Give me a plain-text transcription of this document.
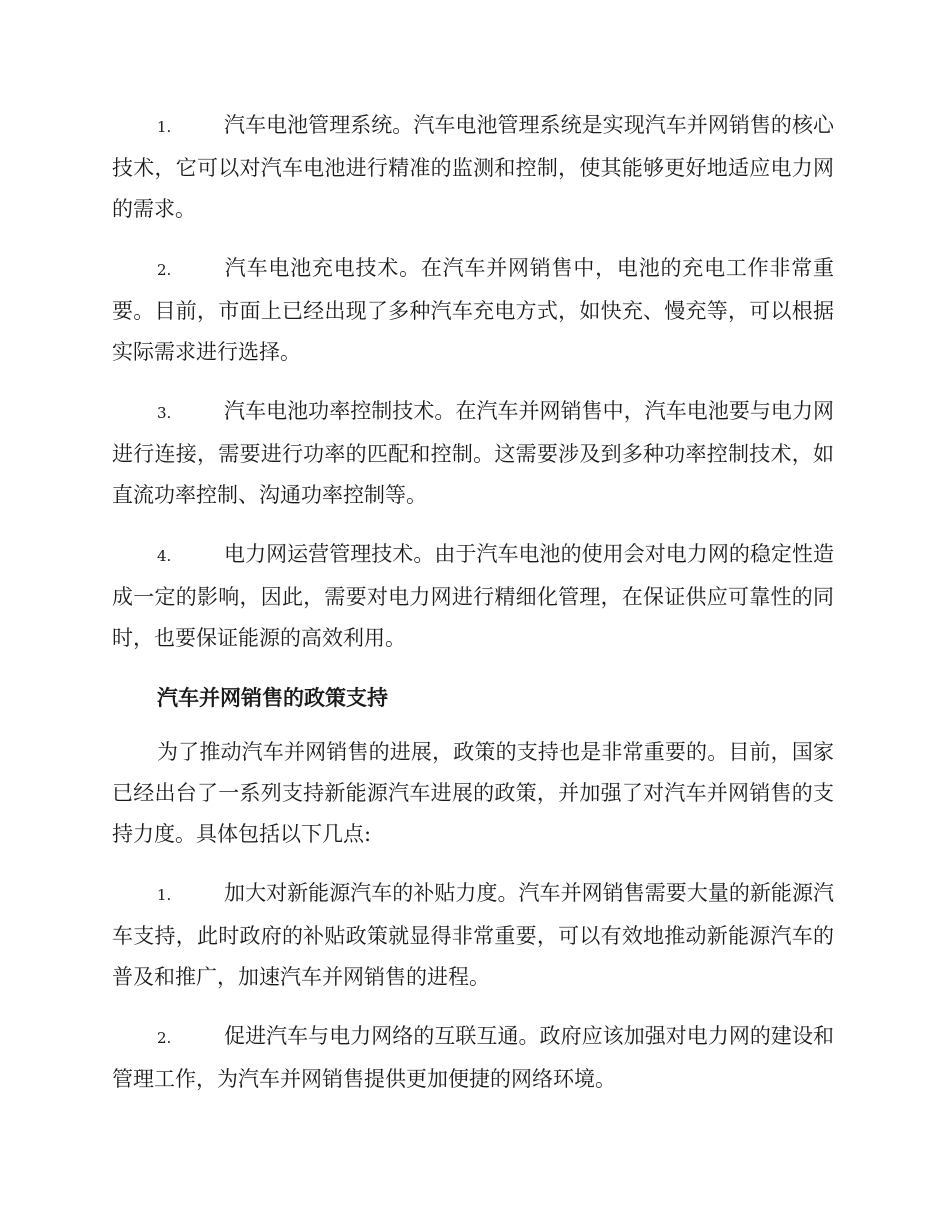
1.	汽车电池管理系统。汽车电池管理系统是实现汽车并网销售的核心技术，它可以对汽车电池进行精准的监测和控制，使其能够更好地适应电力网的需求。
2.	汽车电池充电技术。在汽车并网销售中，电池的充电工作非常重要。目前，市面上已经出现了多种汽车充电方式，如快充、慢充等，可以根据实际需求进行选择。
3.	汽车电池功率控制技术。在汽车并网销售中，汽车电池要与电力网进行连接，需要进行功率的匹配和控制。这需要涉及到多种功率控制技术，如直流功率控制、沟通功率控制等。
4.	电力网运营管理技术。由于汽车电池的使用会对电力网的稳定性造成一定的影响，因此，需要对电力网进行精细化管理，在保证供应可靠性的同时，也要保证能源的高效利用。
汽车并网销售的政策支持
为了推动汽车并网销售的进展，政策的支持也是非常重要的。目前，国家已经出台了一系列支持新能源汽车进展的政策，并加强了对汽车并网销售的支持力度。具体包括以下几点:
1.	加大对新能源汽车的补贴力度。汽车并网销售需要大量的新能源汽车支持，此时政府的补贴政策就显得非常重要，可以有效地推动新能源汽车的普及和推广，加速汽车并网销售的进程。
2.	促进汽车与电力网络的互联互通。政府应该加强对电力网的建设和管理工作，为汽车并网销售提供更加便捷的网络环境。
